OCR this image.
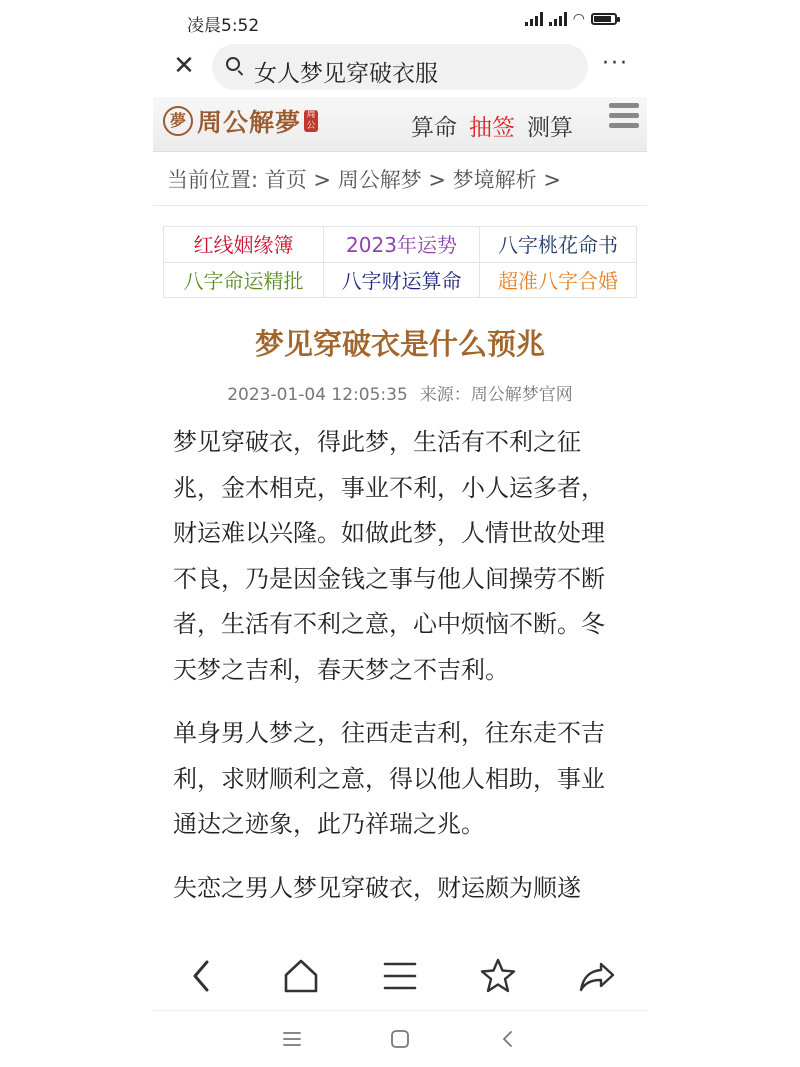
凌晨5:52	◠
✕	女人梦见穿破衣服	···
夢 周公解夢 周公	算命 抽签 测算
当前位置: 首页 > 周公解梦 > 梦境解析 >
红线姻缘簿	2023年运势	八字桃花命书
八字命运精批	八字财运算命	超准八字合婚
梦见穿破衣是什么预兆
2023-01-04 12:05:35 来源：周公解梦官网

梦见穿破衣，得此梦，生活有不利之征兆，金木相克，事业不利，小人运多者，财运难以兴隆。如做此梦，人情世故处理不良，乃是因金钱之事与他人间操劳不断者，生活有不利之意，心中烦恼不断。冬天梦之吉利，春天梦之不吉利。

单身男人梦之，往西走吉利，往东走不吉利，求财顺利之意，得以他人相助，事业通达之迹象，此乃祥瑞之兆。

失恋之男人梦见穿破衣，财运颇为顺遂
